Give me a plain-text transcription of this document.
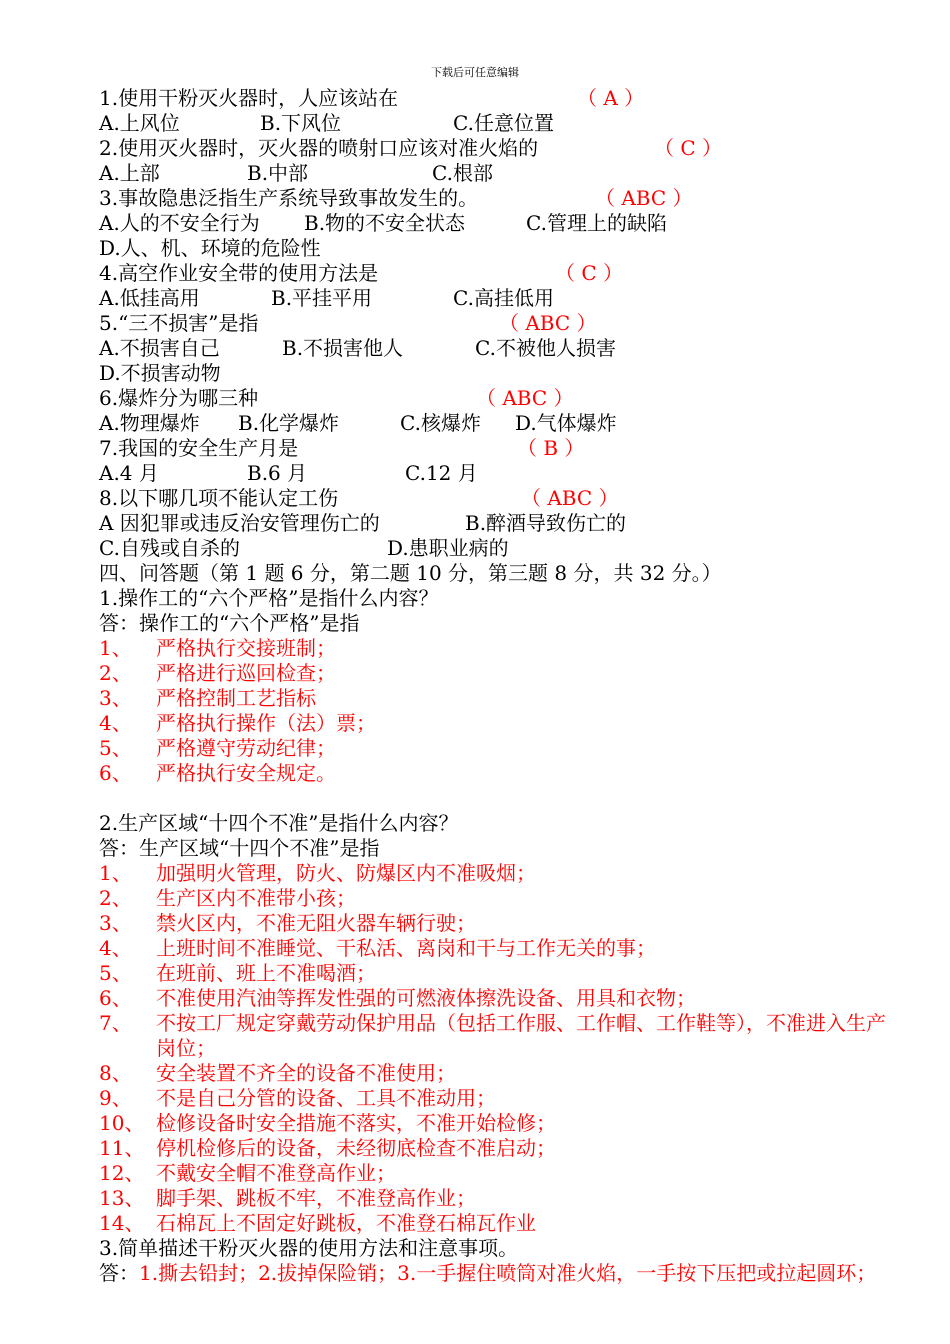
下载后可任意编辑
1.使用干粉灭火器时，人应该站在	（ A ）
A.上风位	B.下风位	C.任意位置
2.使用灭火器时，灭火器的喷射口应该对准火焰的	（ C ）
A.上部	B.中部	C.根部
3.事故隐患泛指生产系统导致事故发生的。	（ ABC ）
A.人的不安全行为 B.物的不安全状态	C.管理上的缺陷
D.人、机、环境的危险性
4.高空作业安全带的使用方法是	（ C ）
A.低挂高用	B.平挂平用	C.高挂低用
5.“三不损害”是指	（ ABC ）
A.不损害自己	B.不损害他人	C.不被他人损害
D.不损害动物
6.爆炸分为哪三种	（ ABC ）
A.物理爆炸 B.化学爆炸	C.核爆炸 D.气体爆炸
7.我国的安全生产月是	（ B ）
A.4 月	B.6 月	C.12 月
8.以下哪几项不能认定工伤	（ ABC ）
A 因犯罪或违反治安管理伤亡的	B.醉酒导致伤亡的
C.自残或自杀的	D.患职业病的
四、问答题（第 1 题 6 分，第二题 10 分，第三题 8 分，共 32 分。）
1.操作工的“六个严格”是指什么内容？
答：操作工的“六个严格”是指
1、 严格执行交接班制；
2、 严格进行巡回检查；
3、 严格控制工艺指标
4、 严格执行操作（法）票；
5、 严格遵守劳动纪律；
6、 严格执行安全规定。
2.生产区域“十四个不准”是指什么内容？
答：生产区域“十四个不准”是指
1、 加强明火管理，防火、防爆区内不准吸烟；
2、 生产区内不准带小孩；
3、 禁火区内，不准无阻火器车辆行驶；
4、 上班时间不准睡觉、干私活、离岗和干与工作无关的事；
5、 在班前、班上不准喝酒；
6、 不准使用汽油等挥发性强的可燃液体擦洗设备、用具和衣物；
7、 不按工厂规定穿戴劳动保护用品（包括工作服、工作帽、工作鞋等），不准进入生产岗位；
8、 安全装置不齐全的设备不准使用；
9、 不是自己分管的设备、工具不准动用；
10、 检修设备时安全措施不落实，不准开始检修；
11、 停机检修后的设备，未经彻底检查不准启动；
12、 不戴安全帽不准登高作业；
13、 脚手架、跳板不牢，不准登高作业；
14、 石棉瓦上不固定好跳板，不准登石棉瓦作业
3.简单描述干粉灭火器的使用方法和注意事项。
答：1.撕去铅封；2.拔掉保险销；3.一手握住喷筒对准火焰，一手按下压把或拉起圆环；
